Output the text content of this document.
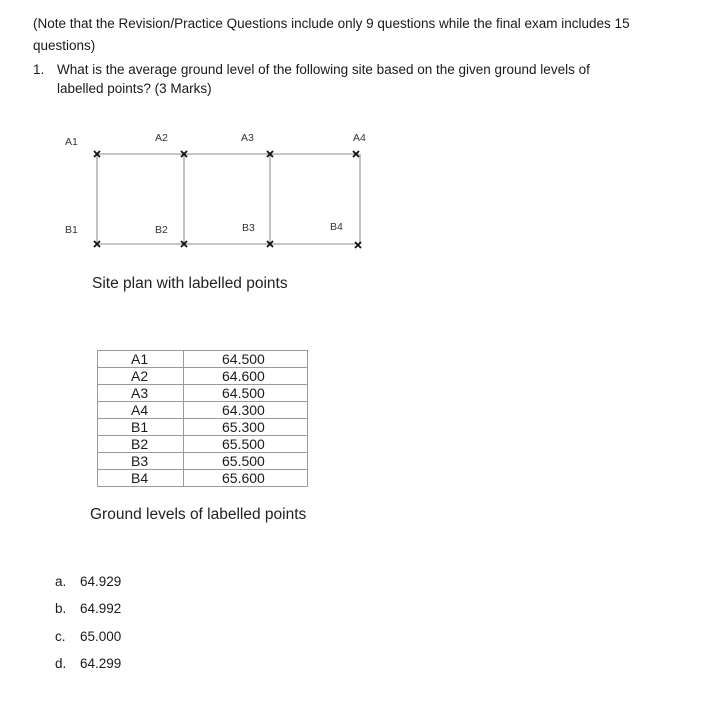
(Note that the Revision/Practice Questions include only 9 questions while the final exam includes 15 questions)
1. What is the average ground level of the following site based on the given ground levels of labelled points? (3 Marks)
A1	A2	A3	A4
B1	B2	B3	B4
Site plan with labelled points
A1	64.500
A2	64.600
A3	64.500
A4	64.300
B1	65.300
B2	65.500
B3	65.500
B4	65.600
Ground levels of labelled points
a. 64.929
b. 64.992
c. 65.000
d. 64.299
